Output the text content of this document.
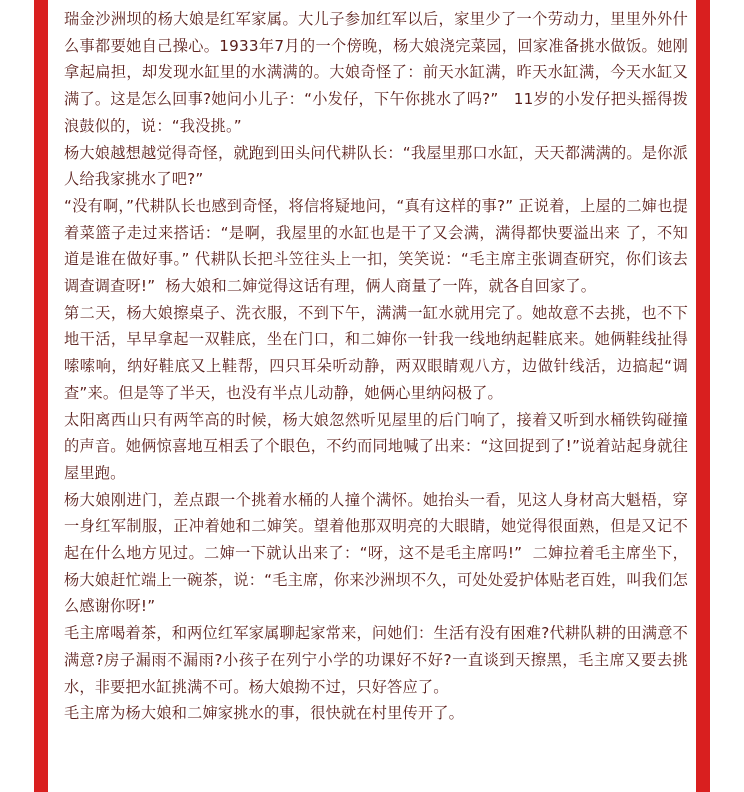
瑞金沙洲坝的杨大娘是红军家属。大儿子参加红军以后，家里少了一个劳动力，里里外外什么事都要她自己操心。1933年7月的一个傍晚，杨大娘浇完菜园，回家准备挑水做饭。她刚拿起扁担，却发现水缸里的水满满的。大娘奇怪了：前天水缸满，昨天水缸满，今天水缸又满了。这是怎么回事?她问小儿子：“小发仔，下午你挑水了吗?”   11岁的小发仔把头摇得拨浪鼓似的，说：“我没挑。”

杨大娘越想越觉得奇怪，就跑到田头问代耕队长：“我屋里那口水缸，天天都满满的。是你派人给我家挑水了吧?”

“没有啊，”代耕队长也感到奇怪，将信将疑地问，“真有这样的事?” 正说着，上屋的二婶也提着菜篮子走过来搭话：“是啊，我屋里的水缸也是干了又会满，满得都快要溢出来 了，不知道是谁在做好事。” 代耕队长把斗笠往头上一扣，笑笑说：“毛主席主张调查研究，你们该去调查调查呀!”  杨大娘和二婶觉得这话有理，俩人商量了一阵，就各自回家了。

第二天，杨大娘擦桌子、洗衣服，不到下午，满满一缸水就用完了。她故意不去挑，也不下地干活，早早拿起一双鞋底，坐在门口，和二婶你一针我一线地纳起鞋底来。她俩鞋线扯得嗦嗦响，纳好鞋底又上鞋帮，四只耳朵听动静，两双眼睛观八方，边做针线活，边搞起“调查”来。但是等了半天，也没有半点儿动静，她俩心里纳闷极了。

太阳离西山只有两竿高的时候，杨大娘忽然听见屋里的后门响了，接着又听到水桶铁钩碰撞的声音。她俩惊喜地互相丢了个眼色，不约而同地喊了出来：“这回捉到了!”说着站起身就往屋里跑。

杨大娘刚进门，差点跟一个挑着水桶的人撞个满怀。她抬头一看，见这人身材高大魁梧，穿一身红军制服，正冲着她和二婶笑。望着他那双明亮的大眼睛，她觉得很面熟，但是又记不起在什么地方见过。二婶一下就认出来了：“呀，这不是毛主席吗!”  二婶拉着毛主席坐下，杨大娘赶忙端上一碗茶，说：“毛主席，你来沙洲坝不久，可处处爱护体贴老百姓，叫我们怎么感谢你呀!”

毛主席喝着茶，和两位红军家属聊起家常来，问她们：生活有没有困难?代耕队耕的田满意不满意?房子漏雨不漏雨?小孩子在列宁小学的功课好不好?一直谈到天擦黑，毛主席又要去挑水，非要把水缸挑满不可。杨大娘拗不过，只好答应了。

毛主席为杨大娘和二婶家挑水的事，很快就在村里传开了。
